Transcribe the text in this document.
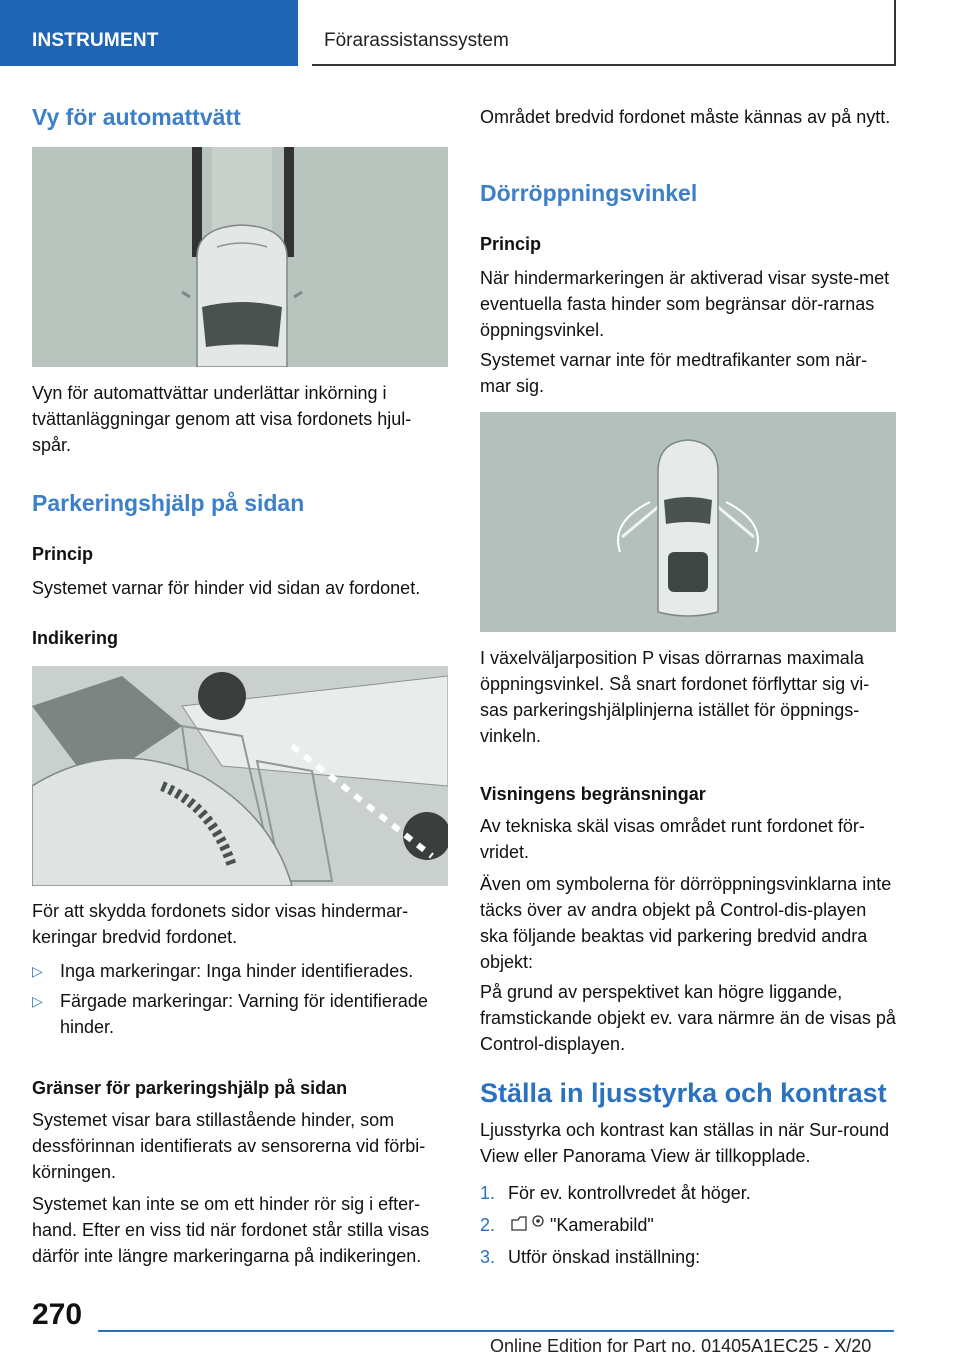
INSTRUMENT	Förarassistanssystem
Vy för automattvätt
Vyn för automattvättar underlättar inkörning i tvättanläggningar genom att visa fordonets hjul-spår.
Parkeringshjälp på sidan
Princip
Systemet varnar för hinder vid sidan av fordonet.
Indikering
För att skydda fordonets sidor visas hindermar-keringar bredvid fordonet.
▷ Inga markeringar: Inga hinder identifierades.
▷ Färgade markeringar: Varning för identifierade hinder.
Gränser för parkeringshjälp på sidan
Systemet visar bara stillastående hinder, som dessförinnan identifierats av sensorerna vid förbi-körningen.
Systemet kan inte se om ett hinder rör sig i efter-hand. Efter en viss tid när fordonet står stilla visas därför inte längre markeringarna på indikeringen.
Området bredvid fordonet måste kännas av på nytt.
Dörröppningsvinkel
Princip
När hindermarkeringen är aktiverad visar syste-met eventuella fasta hinder som begränsar dör-rarnas öppningsvinkel.
Systemet varnar inte för medtrafikanter som när-mar sig.
I växelväljarposition P visas dörrarnas maximala öppningsvinkel. Så snart fordonet förflyttar sig vi-sas parkeringshjälplinjerna istället för öppnings-vinkeln.
Visningens begränsningar
Av tekniska skäl visas området runt fordonet för-vridet.
Även om symbolerna för dörröppningsvinklarna inte täcks över av andra objekt på Control-dis-playen ska följande beaktas vid parkering bredvid andra objekt:
På grund av perspektivet kan högre liggande, framstickande objekt ev. vara närmre än de visas på Control-displayen.
Ställa in ljusstyrka och kontrast
Ljusstyrka och kontrast kan ställas in när Sur-round View eller Panorama View är tillkopplade.
1. För ev. kontrollvredet åt höger.
2.	"Kamerabild"
3. Utför önskad inställning:
270
Online Edition for Part no. 01405A1EC25 - X/20
